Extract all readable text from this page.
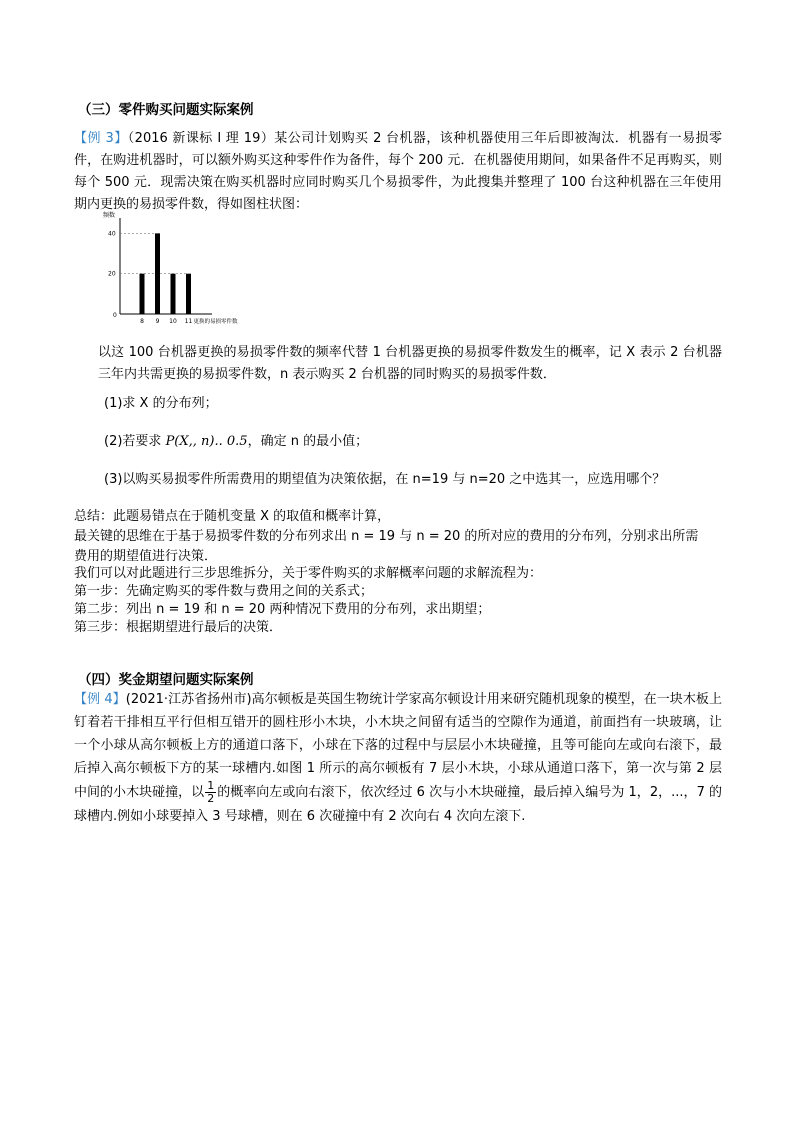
（三）零件购买问题实际案例
【例 3】（2016 新课标 I 理 19）某公司计划购买 2 台机器，该种机器使用三年后即被淘汰．机器有一易损零件，在购进机器时，可以额外购买这种零件作为备件，每个 200 元．在机器使用期间，如果备件不足再购买，则每个 500 元．现需决策在购买机器时应同时购买几个易损零件，为此搜集并整理了 100 台这种机器在三年使用期内更换的易损零件数，得如图柱状图：
频数
0
20
40
8 9 10 11 更换的易损零件数
以这 100 台机器更换的易损零件数的频率代替 1 台机器更换的易损零件数发生的概率，记 X 表示 2 台机器三年内共需更换的易损零件数，n 表示购买 2 台机器的同时购买的易损零件数．
(1)求 X 的分布列；
(2)若要求 P(X,, n).. 0.5，确定 n 的最小值；
(3)以购买易损零件所需费用的期望值为决策依据，在 n=19 与 n=20 之中选其一，应选用哪个？
总结：此题易错点在于随机变量 X 的取值和概率计算，
最关键的思维在于基于易损零件数的分布列求出 n = 19 与 n = 20 的所对应的费用的分布列，分别求出所需
费用的期望值进行决策．
我们可以对此题进行三步思维拆分，关于零件购买的求解概率问题的求解流程为：
第一步：先确定购买的零件数与费用之间的关系式；
第二步：列出 n = 19 和 n = 20 两种情况下费用的分布列，求出期望；
第三步：根据期望进行最后的决策．
（四）奖金期望问题实际案例
【例 4】(2021·江苏省扬州市)高尔顿板是英国生物统计学家高尔顿设计用来研究随机现象的模型，在一块木板上钉着若干排相互平行但相互错开的圆柱形小木块，小木块之间留有适当的空隙作为通道，前面挡有一块玻璃，让一个小球从高尔顿板上方的通道口落下，小球在下落的过程中与层层小木块碰撞，且等可能向左或向右滚下，最后掉入高尔顿板下方的某一球槽内.如图 1 所示的高尔顿板有 7 层小木块，小球从通道口落下，第一次与第 2 层中间的小木块碰撞，以 $\frac{1}{2}$ 的概率向左或向右滚下，依次经过 6 次与小木块碰撞，最后掉入编号为 1，2，...，7 的球槽内.例如小球要掉入 3 号球槽，则在 6 次碰撞中有 2 次向右 4 次向左滚下.
